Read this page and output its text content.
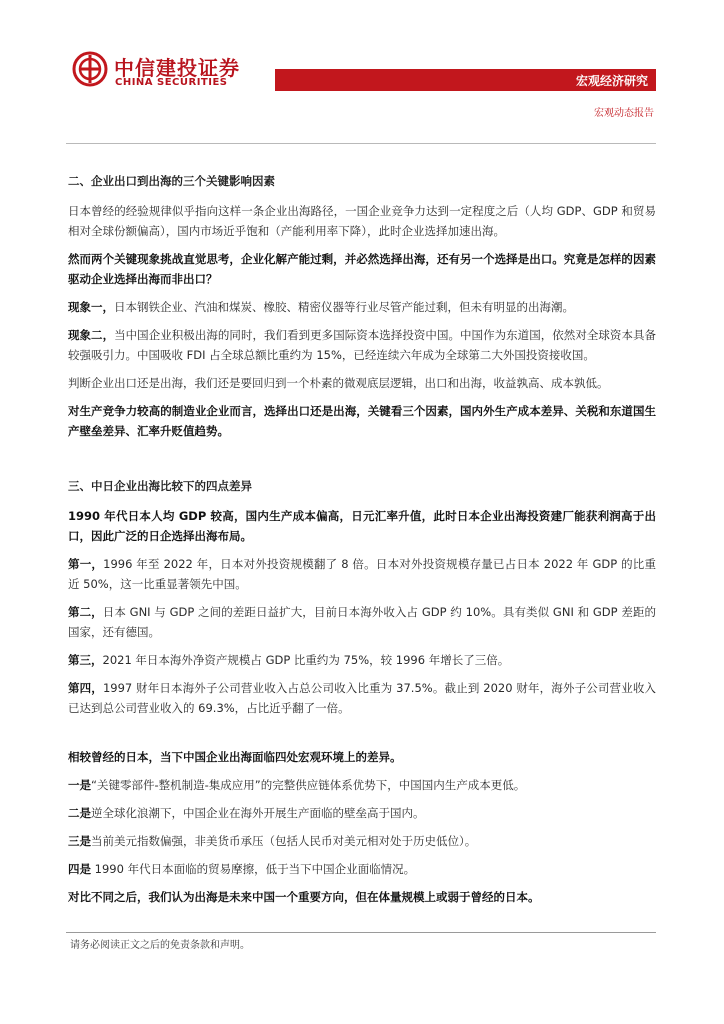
中信建投证券
CHINA SECURITIES	宏观经济研究
宏观动态报告
二、企业出口到出海的三个关键影响因素

日本曾经的经验规律似乎指向这样一条企业出海路径，一国企业竞争力达到一定程度之后（人均 GDP、GDP 和贸易相对全球份额偏高），国内市场近乎饱和（产能利用率下降），此时企业选择加速出海。

然而两个关键现象挑战直觉思考，企业化解产能过剩，并必然选择出海，还有另一个选择是出口。究竟是怎样的因素驱动企业选择出海而非出口？

现象一，日本钢铁企业、汽油和煤炭、橡胶、精密仪器等行业尽管产能过剩，但未有明显的出海潮。

现象二，当中国企业积极出海的同时，我们看到更多国际资本选择投资中国。中国作为东道国，依然对全球资本具备较强吸引力。中国吸收 FDI 占全球总额比重约为 15%，已经连续六年成为全球第二大外国投资接收国。

判断企业出口还是出海，我们还是要回归到一个朴素的微观底层逻辑，出口和出海，收益孰高、成本孰低。

对生产竞争力较高的制造业企业而言，选择出口还是出海，关键看三个因素，国内外生产成本差异、关税和东道国生产壁垒差异、汇率升贬值趋势。

三、中日企业出海比较下的四点差异

1990 年代日本人均 GDP 较高，国内生产成本偏高，日元汇率升值，此时日本企业出海投资建厂能获利润高于出口，因此广泛的日企选择出海布局。

第一，1996 年至 2022 年，日本对外投资规模翻了 8 倍。日本对外投资规模存量已占日本 2022 年 GDP 的比重近 50%，这一比重显著领先中国。

第二，日本 GNI 与 GDP 之间的差距日益扩大，目前日本海外收入占 GDP 约 10%。具有类似 GNI 和 GDP 差距的国家，还有德国。

第三，2021 年日本海外净资产规模占 GDP 比重约为 75%，较 1996 年增长了三倍。

第四，1997 财年日本海外子公司营业收入占总公司收入比重为 37.5%。截止到 2020 财年，海外子公司营业收入已达到总公司营业收入的 69.3%，占比近乎翻了一倍。

相较曾经的日本，当下中国企业出海面临四处宏观环境上的差异。

一是“关键零部件-整机制造-集成应用”的完整供应链体系优势下，中国国内生产成本更低。

二是逆全球化浪潮下，中国企业在海外开展生产面临的壁垒高于国内。

三是当前美元指数偏强，非美货币承压（包括人民币对美元相对处于历史低位）。

四是 1990 年代日本面临的贸易摩擦，低于当下中国企业面临情况。

对比不同之后，我们认为出海是未来中国一个重要方向，但在体量规模上或弱于曾经的日本。

请务必阅读正文之后的免责条款和声明。
